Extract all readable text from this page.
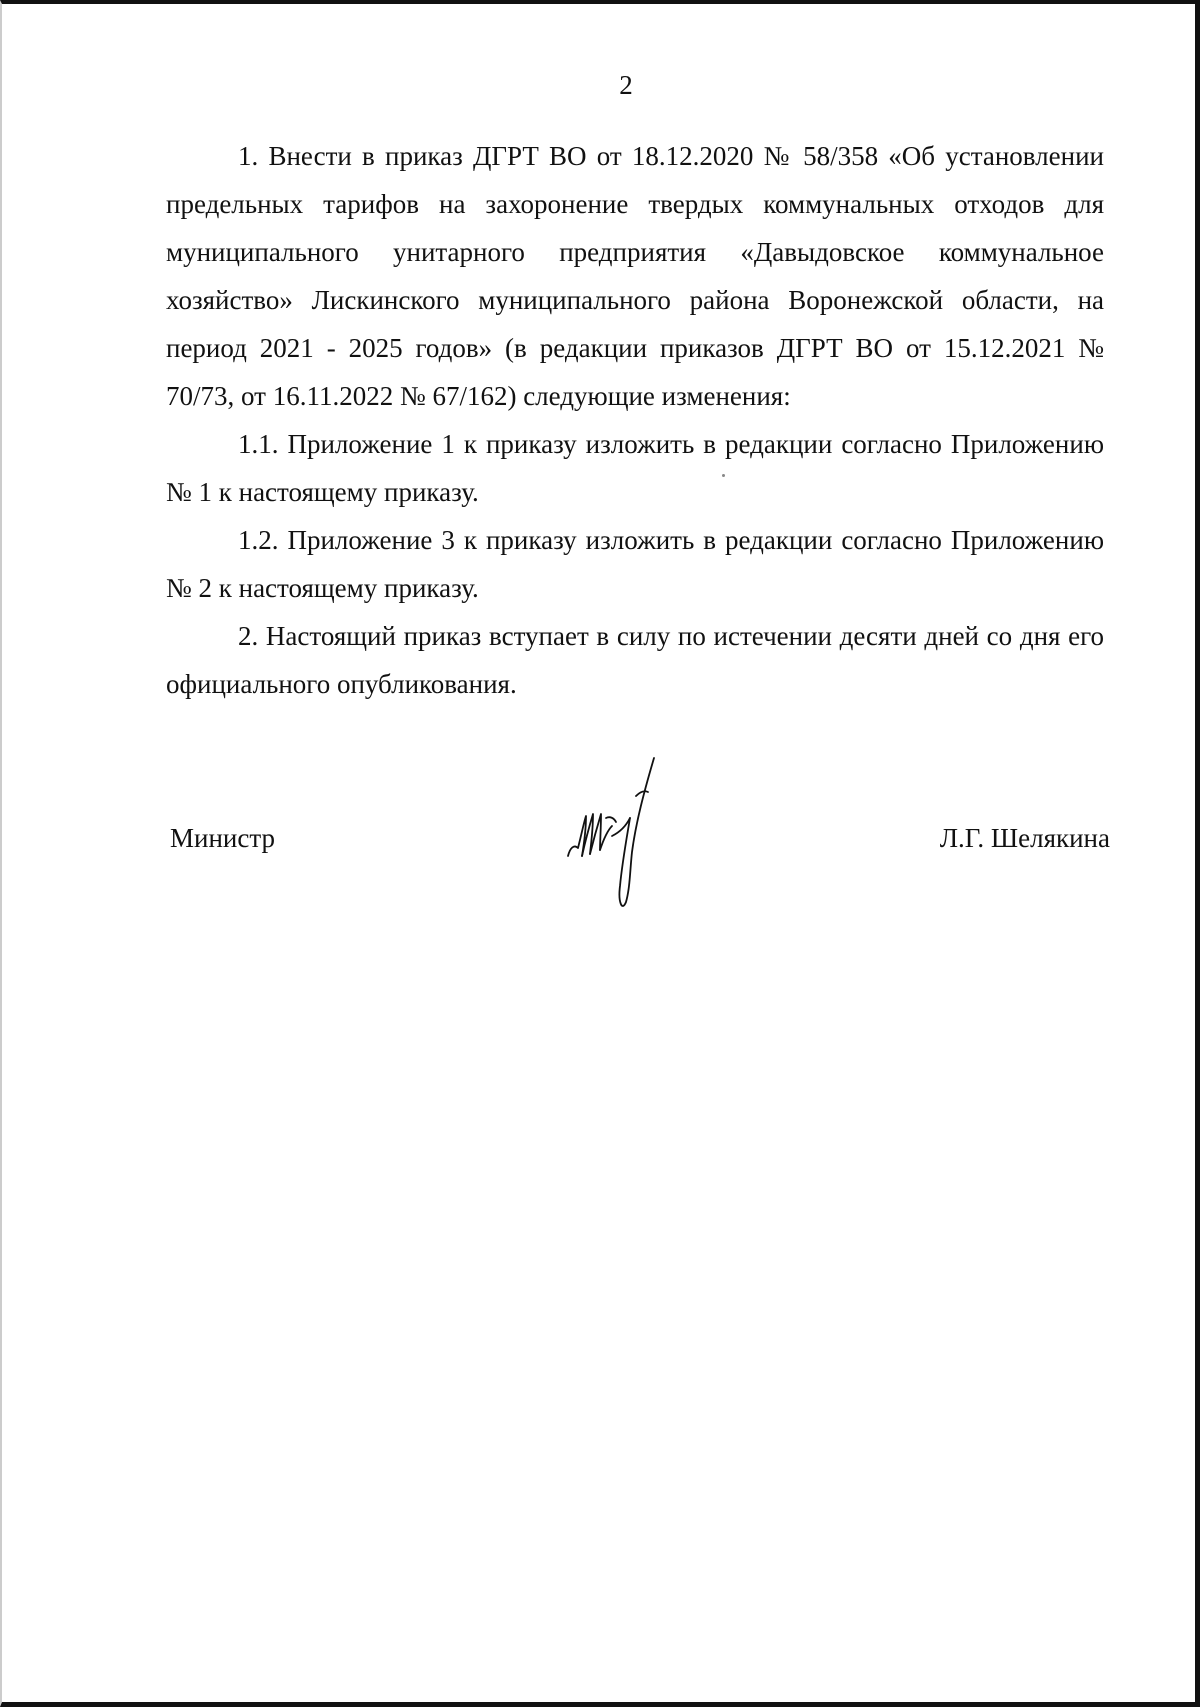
2

1. Внести в приказ ДГРТ ВО от 18.12.2020 № 58/358 «Об установлении предельных тарифов на захоронение твердых коммунальных отходов для муниципального унитарного предприятия «Давыдовское коммунальное хозяйство» Лискинского муниципального района Воронежской области, на период 2021 - 2025 годов» (в редакции приказов ДГРТ ВО от 15.12.2021 № 70/73, от 16.11.2022 № 67/162) следующие изменения:

1.1. Приложение 1 к приказу изложить в редакции согласно Приложению № 1 к настоящему приказу.

1.2. Приложение 3 к приказу изложить в редакции согласно Приложению № 2 к настоящему приказу.

2. Настоящий приказ вступает в силу по истечении десяти дней со дня его официального опубликования.

Министр	Л.Г. Шелякина
